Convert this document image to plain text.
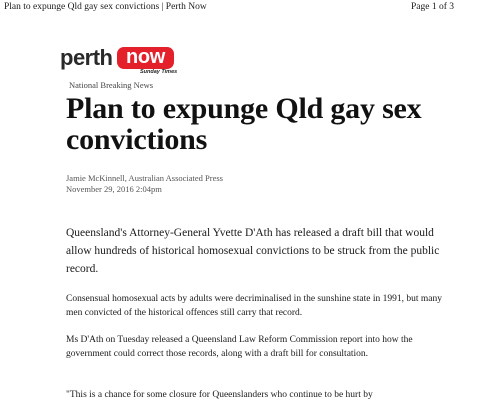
Plan to expunge Qld gay sex convictions | Perth Now	Page 1 of 3
perth now
Sunday Times
National Breaking News
Plan to expunge Qld gay sex convictions
Jamie McKinnell, Australian Associated Press
November 29, 2016 2:04pm

Queensland's Attorney-General Yvette D'Ath has released a draft bill that would allow hundreds of historical homosexual convictions to be struck from the public record.

Consensual homosexual acts by adults were decriminalised in the sunshine state in 1991, but many men convicted of the historical offences still carry that record.

Ms D'Ath on Tuesday released a Queensland Law Reform Commission report into how the government could correct those records, along with a draft bill for consultation.

"This is a chance for some closure for Queenslanders who continue to be hurt by
